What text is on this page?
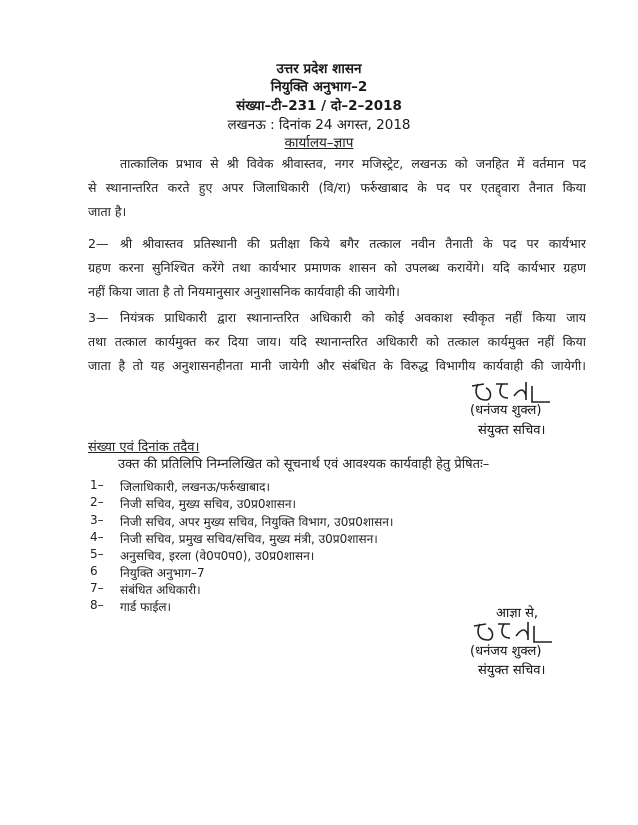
उत्तर प्रदेश शासन
नियुक्ति अनुभाग–2
संख्या–टी–231 / दो–2–2018
लखनऊ : दिनांक 24 अगस्त, 2018
कार्यालय–ज्ञाप
तात्कालिक प्रभाव से श्री विवेक श्रीवास्तव, नगर मजिस्ट्रेट, लखनऊ को जनहित में वर्तमान पद
से स्थानान्तरित करते हुए अपर जिलाधिकारी (वि/रा) फर्रुखाबाद के पद पर एतद्द्वारा तैनात किया
जाता है।
2— श्री श्रीवास्तव प्रतिस्थानी की प्रतीक्षा किये बगैर तत्काल नवीन तैनाती के पद पर कार्यभार
ग्रहण करना सुनिश्चित करेंगे तथा कार्यभार प्रमाणक शासन को उपलब्ध करायेंगे। यदि कार्यभार ग्रहण
नहीं किया जाता है तो नियमानुसार अनुशासनिक कार्यवाही की जायेगी।
3— नियंत्रक प्राधिकारी द्वारा स्थानान्तरित अधिकारी को कोई अवकाश स्वीकृत नहीं किया जाय
तथा तत्काल कार्यमुक्त कर दिया जाय। यदि स्थानान्तरित अधिकारी को तत्काल कार्यमुक्त नहीं किया
जाता है तो यह अनुशासनहीनता मानी जायेगी और संबंधित के विरुद्ध विभागीय कार्यवाही की जायेगी।
(धनंजय शुक्ल)
संयुक्त सचिव।
संख्या एवं दिनांक तदैव।
उक्त की प्रतिलिपि निम्नलिखित को सूचनार्थ एवं आवश्यक कार्यवाही हेतु प्रेषितः–
1– जिलाधिकारी, लखनऊ/फर्रुखाबाद।
2– निजी सचिव, मुख्य सचिव, उ0प्र0शासन।
3– निजी सचिव, अपर मुख्य सचिव, नियुक्ति विभाग, उ0प्र0शासन।
4– निजी सचिव, प्रमुख सचिव/सचिव, मुख्य मंत्री, उ0प्र0शासन।
5– अनुसचिव, इरला (वे0प0प0), उ0प्र0शासन।
6 नियुक्ति अनुभाग–7
7– संबंधित अधिकारी।
8– गार्ड फाईल।	आज्ञा से,
(धनंजय शुक्ल)
संयुक्त सचिव।
